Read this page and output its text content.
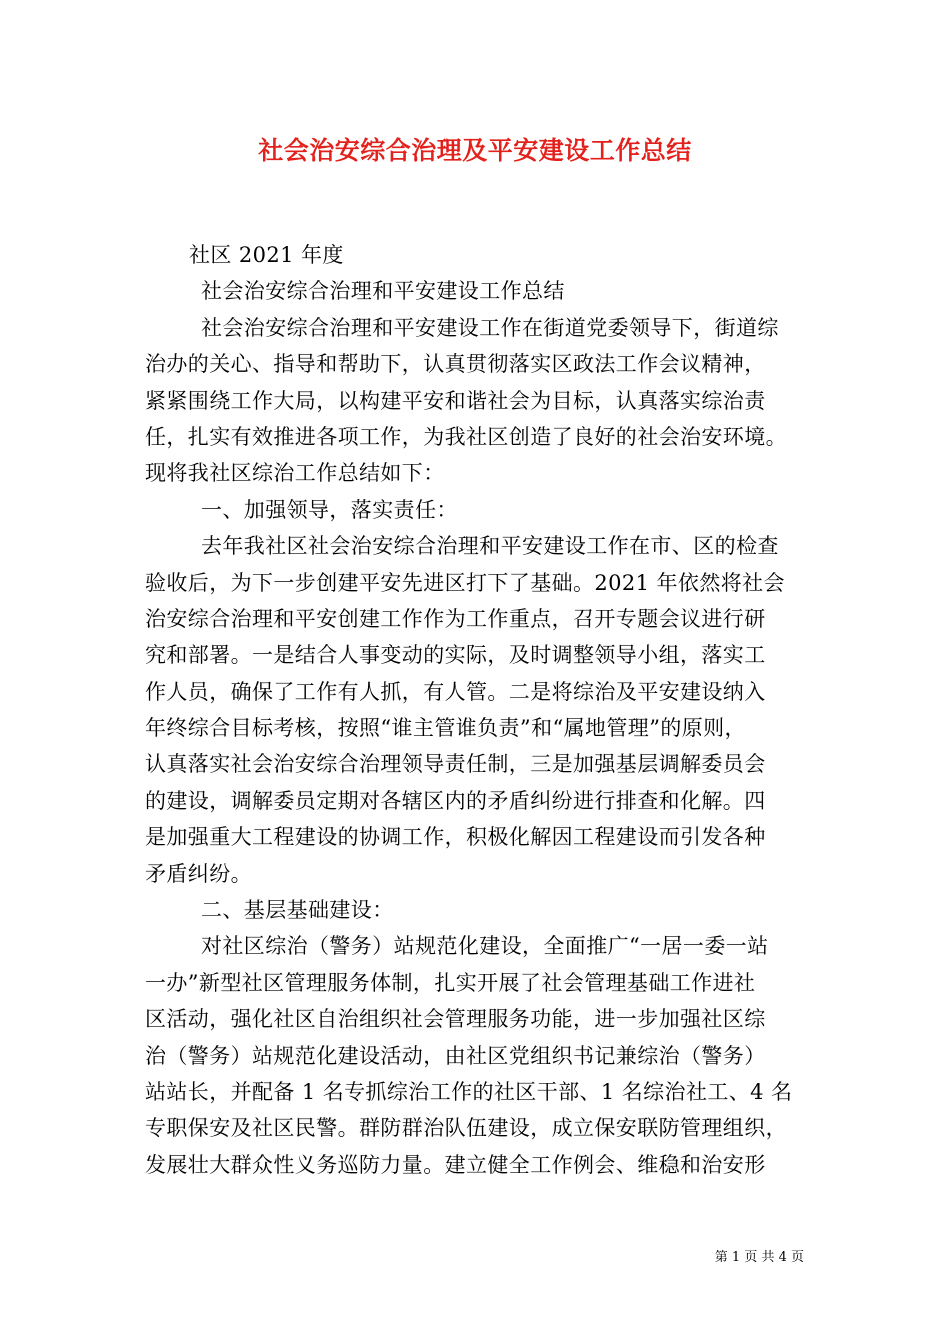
社会治安综合治理及平安建设工作总结
社区 2021 年度
社会治安综合治理和平安建设工作总结
社会治安综合治理和平安建设工作在街道党委领导下，街道综
治办的关心、指导和帮助下，认真贯彻落实区政法工作会议精神，
紧紧围绕工作大局，以构建平安和谐社会为目标，认真落实综治责
任，扎实有效推进各项工作，为我社区创造了良好的社会治安环境。
现将我社区综治工作总结如下：
一、加强领导，落实责任：
去年我社区社会治安综合治理和平安建设工作在市、区的检查
验收后，为下一步创建平安先进区打下了基础。2021 年依然将社会
治安综合治理和平安创建工作作为工作重点，召开专题会议进行研
究和部署。一是结合人事变动的实际，及时调整领导小组，落实工
作人员，确保了工作有人抓，有人管。二是将综治及平安建设纳入
年终综合目标考核，按照“谁主管谁负责”和“属地管理”的原则，
认真落实社会治安综合治理领导责任制，三是加强基层调解委员会
的建设，调解委员定期对各辖区内的矛盾纠纷进行排查和化解。四
是加强重大工程建设的协调工作，积极化解因工程建设而引发各种
矛盾纠纷。
二、基层基础建设：
对社区综治（警务）站规范化建设，全面推广“一居一委一站
一办”新型社区管理服务体制，扎实开展了社会管理基础工作进社
区活动，强化社区自治组织社会管理服务功能，进一步加强社区综
治（警务）站规范化建设活动，由社区党组织书记兼综治（警务）
站站长，并配备 1 名专抓综治工作的社区干部、1 名综治社工、4 名
专职保安及社区民警。群防群治队伍建设，成立保安联防管理组织，
发展壮大群众性义务巡防力量。建立健全工作例会、维稳和治安形
第 1 页 共 4 页
